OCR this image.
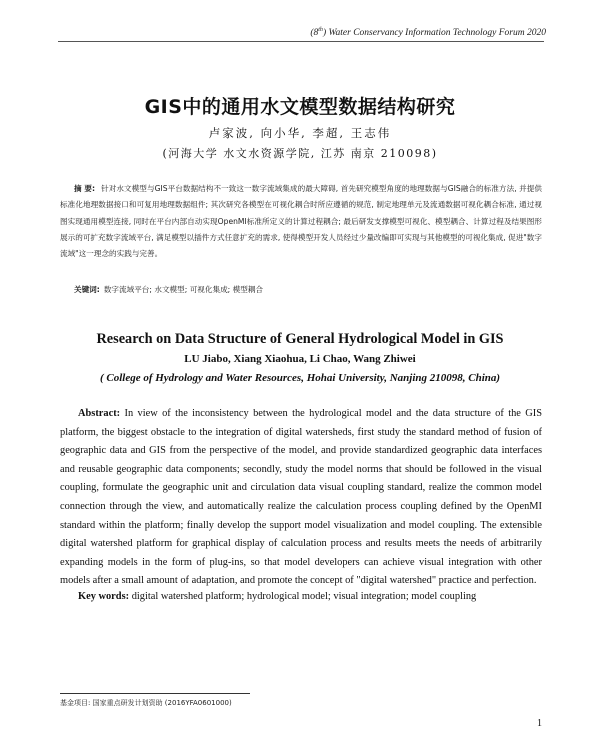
(8th) Water Conservancy Information Technology Forum 2020
GIS中的通用水文模型数据结构研究
卢家波, 向小华, 李超, 王志伟
(河海大学 水文水资源学院, 江苏 南京 210098)
摘 要: 针对水文模型与GIS平台数据结构不一致这一数字流域集成的最大障碍, 首先研究模型角度的地理数据与GIS融合的标准方法, 并提供标准化地理数据接口和可复用地理数据组件; 其次研究各模型在可视化耦合时所应遵循的规范, 制定地理单元及流通数据可视化耦合标准, 通过视图实现通用模型连接, 同时在平台内部自动实现OpenMI标准所定义的计算过程耦合; 最后研发支撑模型可视化、模型耦合、计算过程及结果图形展示的可扩充数字流域平台, 满足模型以插件方式任意扩充的需求, 使得模型开发人员经过少量改编即可实现与其他模型的可视化集成, 促进"数字流域"这一理念的实践与完善。
关键词: 数字流域平台; 水文模型; 可视化集成; 模型耦合
Research on Data Structure of General Hydrological Model in GIS
LU Jiabo, Xiang Xiaohua, Li Chao, Wang Zhiwei
( College of Hydrology and Water Resources, Hohai University, Nanjing 210098, China)
Abstract: In view of the inconsistency between the hydrological model and the data structure of the GIS platform, the biggest obstacle to the integration of digital watersheds, first study the standard method of fusion of geographic data and GIS from the perspective of the model, and provide standardized geographic data interfaces and reusable geographic data components; secondly, study the model norms that should be followed in the visual coupling, formulate the geographic unit and circulation data visual coupling standard, realize the common model connection through the view, and automatically realize the calculation process coupling defined by the OpenMI standard within the platform; finally develop the support model visualization and model coupling. The extensible digital watershed platform for graphical display of calculation process and results meets the needs of arbitrarily expanding models in the form of plug-ins, so that model developers can achieve visual integration with other models after a small amount of adaptation, and promote the concept of "digital watershed" practice and perfection.
Key words: digital watershed platform; hydrological model; visual integration; model coupling
基金项目: 国家重点研发计划资助 (2016YFA0601000)
1
